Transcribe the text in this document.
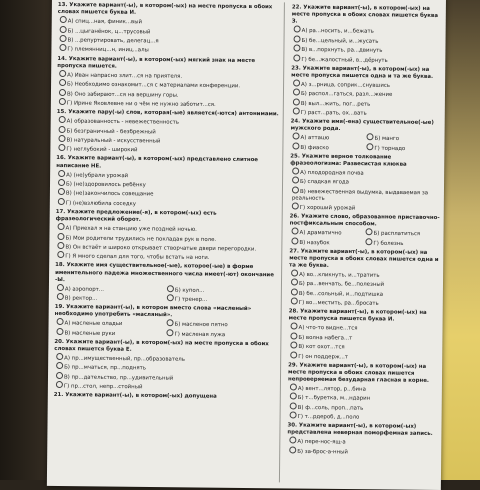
13. Укажите вариант(-ы), в котором(-ых) на месте пропуска в обоих словах пишется буква И.
А) спиц...ная, финик...вый
Б) ...цыганёнок, ц...трусовый
В) ...репуртировать, делегац...я
Г) племянниц...н, иниц...алы
14. Укажите вариант(-ы), в котором(-ых) мягкий знак на месте пропуска пишется.
А) Иван напрасно злит...ся на приятеля.
Б) Необходимо ознакомит...ся с материалами конференции.
В) Оно забирают...ся на вершину горы.
Г) Ирине Яковлевне ни о чём не нужно заботит...ся.
15. Укажите пару(-ы) слов, которая(-ые) является(-ются) антонимами.
А) образованность - невежественность
Б) безграничный - безбрежный
В) натуральный - искусственный
Г) неглубокий - широкий
16. Укажите вариант(-ы), в котором(-ых) представлено слитное написание НЕ.
А) (не)убрали урожай
Б) (не)здоровилось ребёнку
В) (не)закончилось совещание
Г) (не)взлюбила соседку
17. Укажите предложение(-я), в котором(-ых) есть фразеологический оборот.
А) Приехал я на станцию уже поздней ночью.
Б) Мои родители трудились не покладая рук в поле.
В) Он встаёт и широко открывает створчатые двери перегородки.
Г) Я много сделал для того, чтобы встать на ноги.
18. Укажите имя существительное(-ые), которое(-ые) в форме именительного падежа множественного числа имеет(-ют) окончание -Ы.
А) аэропорт...	Б) купол...
В) ректор...	Г) тренер...
19. Укажите вариант(-ы), в котором вместо слова «масленый» необходимо употребить «масляный».
А) масленые оладьи	Б) масленое пятно
В) масленые руки	Г) масленая лужа
20. Укажите вариант(-ы), в котором(-ых) на месте пропуска в обоих словах пишется буква Е.
А) пр...имущественный, пр...образователь
Б) пр...мчаться, пр...поднять
В) пр...дательство, пр...удивительный
Г) пр...стол, непр...стойный
21. Укажите вариант(-ы), в котором(-ых) допущена
22. Укажите вариант(-ы), в котором(-ых) на месте пропуска в обоих словах пишется буква З.
А) ра...носить, и...бежать
Б) бе...цельный, и...жусать
В) в...порхнуть, ра...двинуть
Г) бе...жалостный, в...дёрнуть
23. Укажите вариант(-ы), в котором(-ых) на месте пропуска пишется одна и та же буква.
А) з...рница, соприк...снувшись
Б) распол...гаться, разл...жение
В) выл...жить, пог...реть
Г) раст...рать, ох...вать
24. Укажите имя(-ена) существительное(-ые) мужского рода.
А) аттацю	Б) манго
В) фиаско	Г) торнадо
25. Укажите верное толкование фразеологизма: Развесистая клюква
А) плодородная почва
Б) сладкая ягода
В) невежественная выдумка, выдаваемая за реальность
Г) хороший урожай
26. Укажите слово, образованное приставочно-постфиксальным способом.
А) драматично	Б) расплатиться
В) назубок	Г) болезнь
27. Укажите вариант(-ы), в котором(-ых) на месте пропуска в обоих словах пишется одна и та же буква.
А) во...кликнуть, и...тратить
Б) ра...венчать, бе...полезный
В) бе...сольный, и...подтишка
Г) во...местить, ра...бросать
28. Укажите вариант(-ы), в котором(-ых) на месте пропуска пишется буква И.
А) что-то видне...тся
Б) волна набега...т
В) кот охот...тся
Г) он поддерж...т
29. Укажите вариант(-ы), в котором(-ых) на месте пропуска в обоих словах пишется непроверяемая безударная гласная в корне.
А) вент...лятор, р...бина
Б) т...бyретка, м...ндарин
В) ф...соль, проп...пать
Г) т...рдероб, д...поло
30. Укажите вариант(-ы), в котором(-ых) представлена неверная поморфемная запись.
А) пере-нос-ящ-а
Б) за-брос-а-нный
